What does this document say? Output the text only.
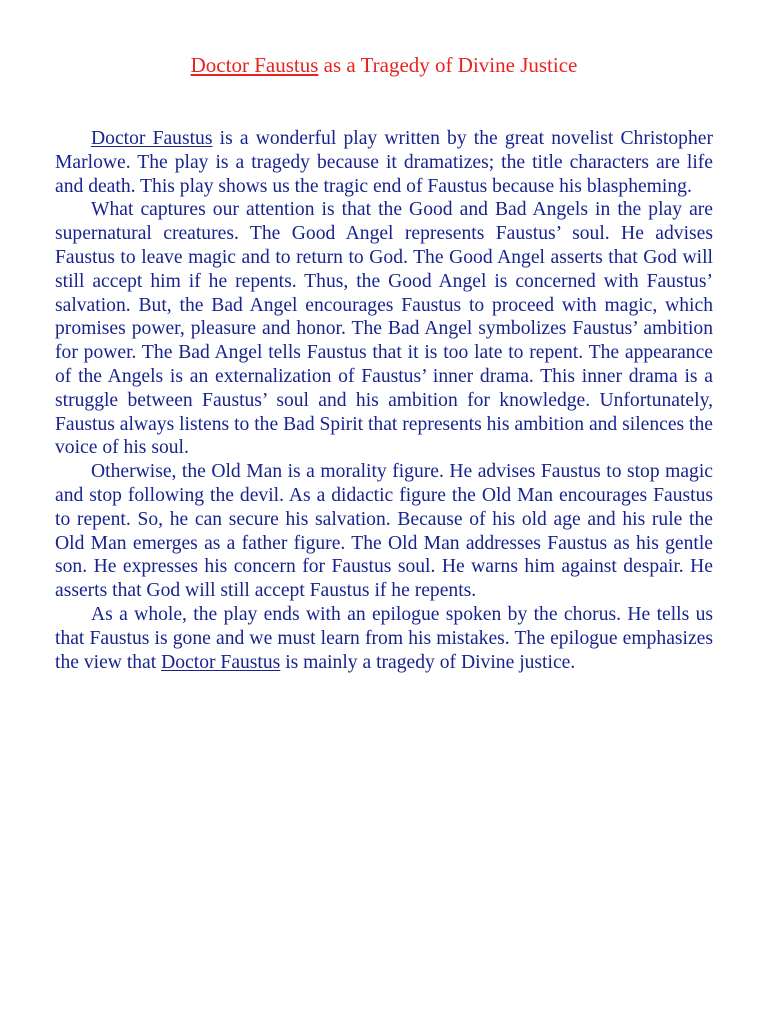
Doctor Faustus as a Tragedy of Divine Justice

Doctor Faustus is a wonderful play written by the great novelist Christopher Marlowe. The play is a tragedy because it dramatizes; the title characters are life and death. This play shows us the tragic end of Faustus because his blaspheming.

What captures our attention is that the Good and Bad Angels in the play are supernatural creatures. The Good Angel represents Faustus’ soul. He advises Faustus to leave magic and to return to God. The Good Angel asserts that God will still accept him if he repents. Thus, the Good Angel is concerned with Faustus’ salvation. But, the Bad Angel encourages Faustus to proceed with magic, which promises power, pleasure and honor. The Bad Angel symbolizes Faustus’ ambition for power. The Bad Angel tells Faustus that it is too late to repent. The appearance of the Angels is an externalization of Faustus’ inner drama. This inner drama is a struggle between Faustus’ soul and his ambition for knowledge. Unfortunately, Faustus always listens to the Bad Spirit that represents his ambition and silences the voice of his soul.

Otherwise, the Old Man is a morality figure. He advises Faustus to stop magic and stop following the devil. As a didactic figure the Old Man encourages Faustus to repent. So, he can secure his salvation. Because of his old age and his rule the Old Man emerges as a father figure. The Old Man addresses Faustus as his gentle son. He expresses his concern for Faustus soul. He warns him against despair. He asserts that God will still accept Faustus if he repents.

As a whole, the play ends with an epilogue spoken by the chorus. He tells us that Faustus is gone and we must learn from his mistakes. The epilogue emphasizes the view that Doctor Faustus is mainly a tragedy of Divine justice.
